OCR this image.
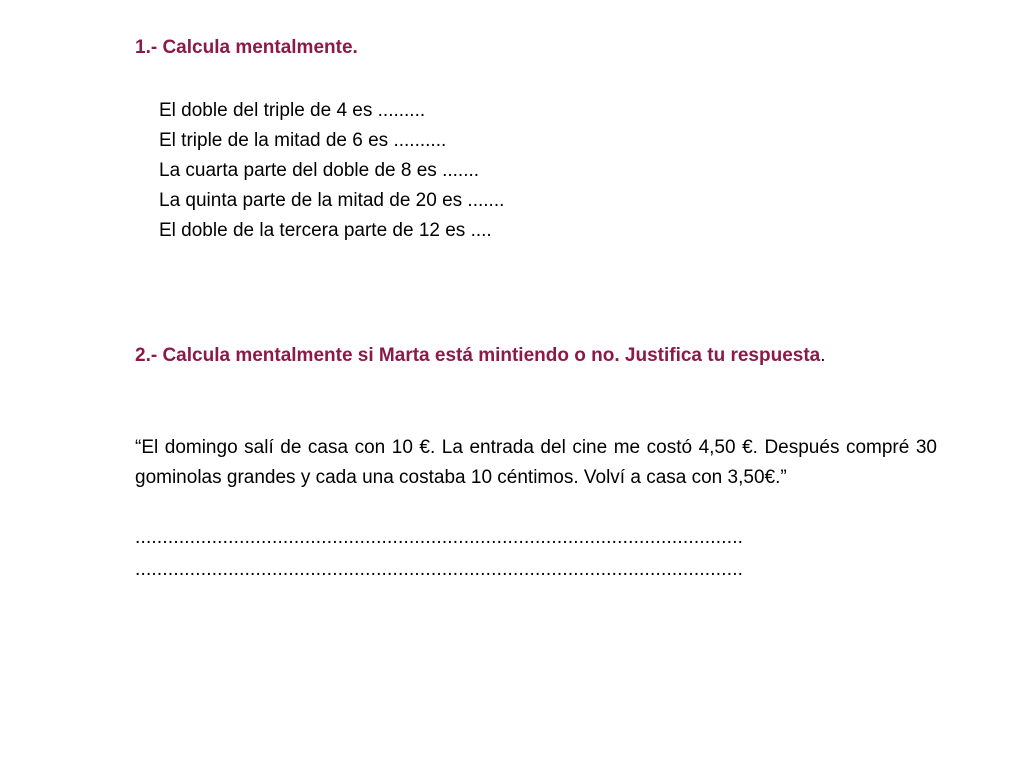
1.- Calcula mentalmente.
El doble del triple de 4 es .........
El triple de la mitad de 6 es ..........
La cuarta parte del doble de 8 es .......
La quinta parte de la mitad de 20 es .......
El doble de la tercera parte de 12 es ....
2.- Calcula mentalmente si Marta está mintiendo o no. Justifica tu respuesta.
“El domingo salí de casa con 10 €. La entrada del cine me costó 4,50 €. Después compré 30 gominolas grandes y cada una costaba 10 céntimos. Volví a casa con 3,50€.”
...............................................................................................................
...............................................................................................................
